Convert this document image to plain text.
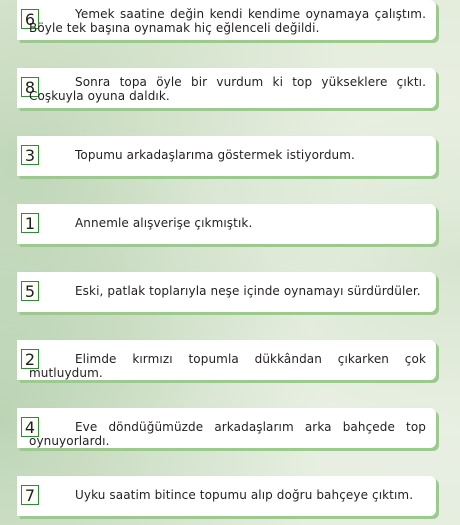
6	Yemek saatine değin kendi kendime oynamaya çalıştım. Böyle tek başına oynamak hiç eğlenceli değildi.
8	Sonra topa öyle bir vurdum ki top yükseklere çıktı. Coşkuyla oyuna daldık.
3	Topumu arkadaşlarıma göstermek istiyordum.
1	Annemle alışverişe çıkmıştık.
5	Eski, patlak toplarıyla neşe içinde oynamayı sürdürdüler.
2	Elimde kırmızı topumla dükkândan çıkarken çok mutluydum.
4	Eve döndüğümüzde arkadaşlarım arka bahçede top oynuyorlardı.
7	Uyku saatim bitince topumu alıp doğru bahçeye çıktım.
